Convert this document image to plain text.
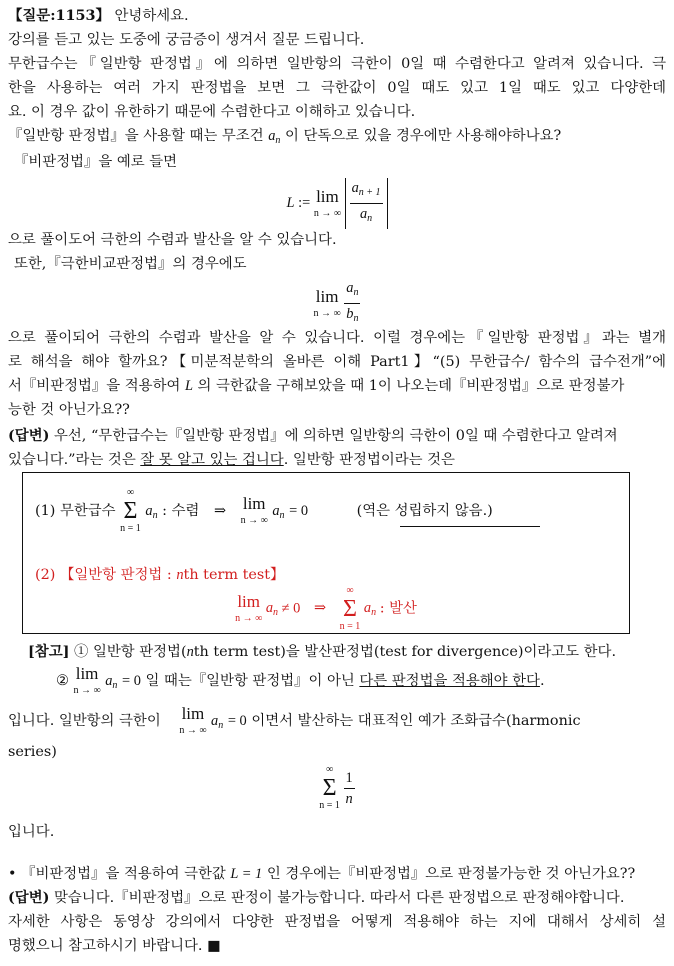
【질문:1153】 안녕하세요.
강의를 듣고 있는 도중에 궁금증이 생겨서 질문 드립니다.
무한급수는『일반항 판정법』에 의하면 일반항의 극한이 0일 때 수렴한다고 알려져 있습니다. 극
한을 사용하는 여러 가지 판정법을 보면 그 극한값이 0일 때도 있고 1일 때도 있고 다양한데
요. 이 경우 값이 유한하기 때문에 수렴한다고 이해하고 있습니다.
『일반항 판정법』을 사용할 때는 무조건 $a_n$ 이 단독으로 있을 경우에만 사용해야하나요?
『비판정법』을 예로 들면
L := lim
n → ∞
$\frac{a_{n + 1}}{a_n}$
으로 풀이도어 극한의 수렴과 발산을 알 수 있습니다.
또한,『극한비교판정법』의 경우에도
lim
n → ∞
$\frac{a_n}{b_n}$
으로 풀이되어 극한의 수렴과 발산을 알 수 있습니다. 이럴 경우에는『일반항 판정법』과는 별개
로 해석을 해야 할까요?【미분적분학의 올바른 이해 Part1】“(5) 무한급수/ 함수의 급수전개”에
서『비판정법』을 적용하여 L 의 극한값을 구해보았을 때 1이 나오는데『비판정법』으로 판정불가
능한 것 아닌가요??
(답변) 우선, “무한급수는『일반항 판정법』에 의하면 일반항의 극한이 0일 때 수렴한다고 알려져
있습니다.”라는 것은 잘 못 알고 있는 겁니다. 일반항 판정법이라는 것은
(1) 무한급수
∞
Σ
n = 1
$a_n$ : 수렴 ⇒ lim
n → ∞
$a_n = 0$	(역은 성립하지 않음.)
(2) 【일반항 판정법 : nth term test】
lim
n → ∞
$a_n \ne 0$ ⇒
∞
Σ
n = 1
$a_n$ : 발산
[참고] ① 일반항 판정법(nth term test)을 발산판정법(test for divergence)이라고도 한다.
② lim
n → ∞
$a_n = 0$ 일 때는『일반항 판정법』이 아닌 다른 판정법을 적용해야 한다.
입니다. 일반항의 극한이 lim
n → ∞
$a_n = 0$ 이면서 발산하는 대표적인 예가 조화급수(harmonic
series)
∞
Σ
n = 1
$\frac{1}{n}$
입니다.
• 『비판정법』을 적용하여 극한값 L = 1 인 경우에는『비판정법』으로 판정불가능한 것 아닌가요??
(답변) 맞습니다.『비판정법』으로 판정이 불가능합니다. 따라서 다른 판정법으로 판정해야합니다.
자세한 사항은 동영상 강의에서 다양한 판정법을 어떻게 적용해야 하는 지에 대해서 상세히 설
명했으니 참고하시기 바랍니다. ■
